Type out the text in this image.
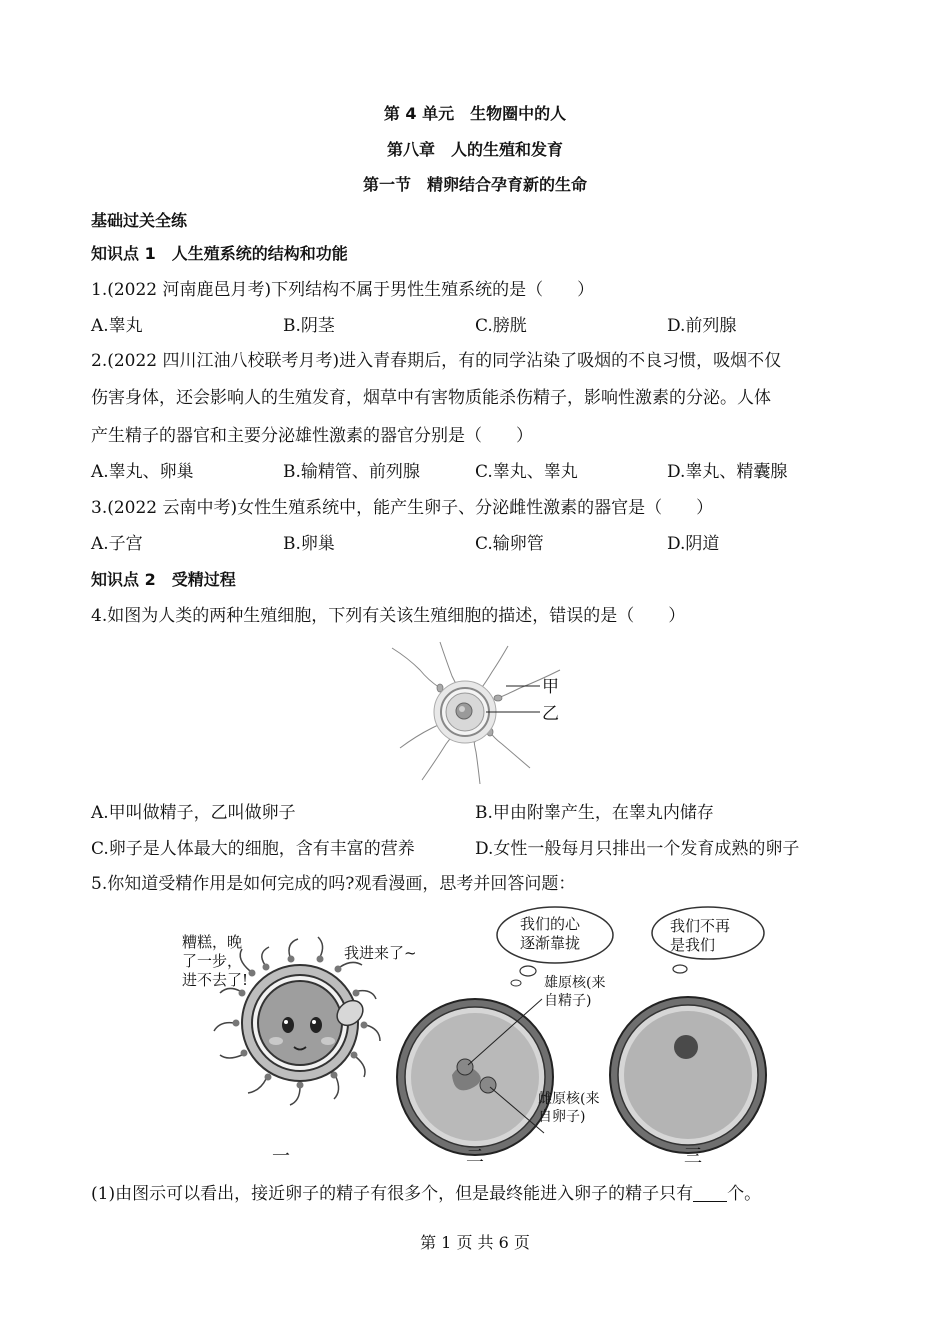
第 4 单元　生物圈中的人
第八章　人的生殖和发育
第一节　精卵结合孕育新的生命
基础过关全练
知识点 1　人生殖系统的结构和功能
1.(2022 河南鹿邑月考)下列结构不属于男性生殖系统的是（　　）
A.睾丸	B.阴茎	C.膀胱	D.前列腺
2.(2022 四川江油八校联考月考)进入青春期后，有的同学沾染了吸烟的不良习惯，吸烟不仅
伤害身体，还会影响人的生殖发育，烟草中有害物质能杀伤精子，影响性激素的分泌。人体
产生精子的器官和主要分泌雄性激素的器官分别是（　　）
A.睾丸、卵巢	B.输精管、前列腺	C.睾丸、睾丸	D.睾丸、精囊腺
3.(2022 云南中考)女性生殖系统中，能产生卵子、分泌雌性激素的器官是（　　）
A.子宫	B.卵巢	C.输卵管	D.阴道
知识点 2　受精过程
4.如图为人类的两种生殖细胞，下列有关该生殖细胞的描述，错误的是（　　）
甲
乙
A.甲叫做精子，乙叫做卵子	B.甲由附睾产生，在睾丸内储存
C.卵子是人体最大的细胞，含有丰富的营养	D.女性一般每月只排出一个发育成熟的卵子
5.你知道受精作用是如何完成的吗?观看漫画，思考并回答问题：
糟糕，晚
了一步，
进不去了!
我进来了~
我们的心
逐渐靠拢
雄原核(来
自精子)
雌原核(来
自卵子)
我们不再
是我们
一	二	三
(1)由图示可以看出，接近卵子的精子有很多个，但是最终能进入卵子的精子只有 个。
第 1 页 共 6 页
